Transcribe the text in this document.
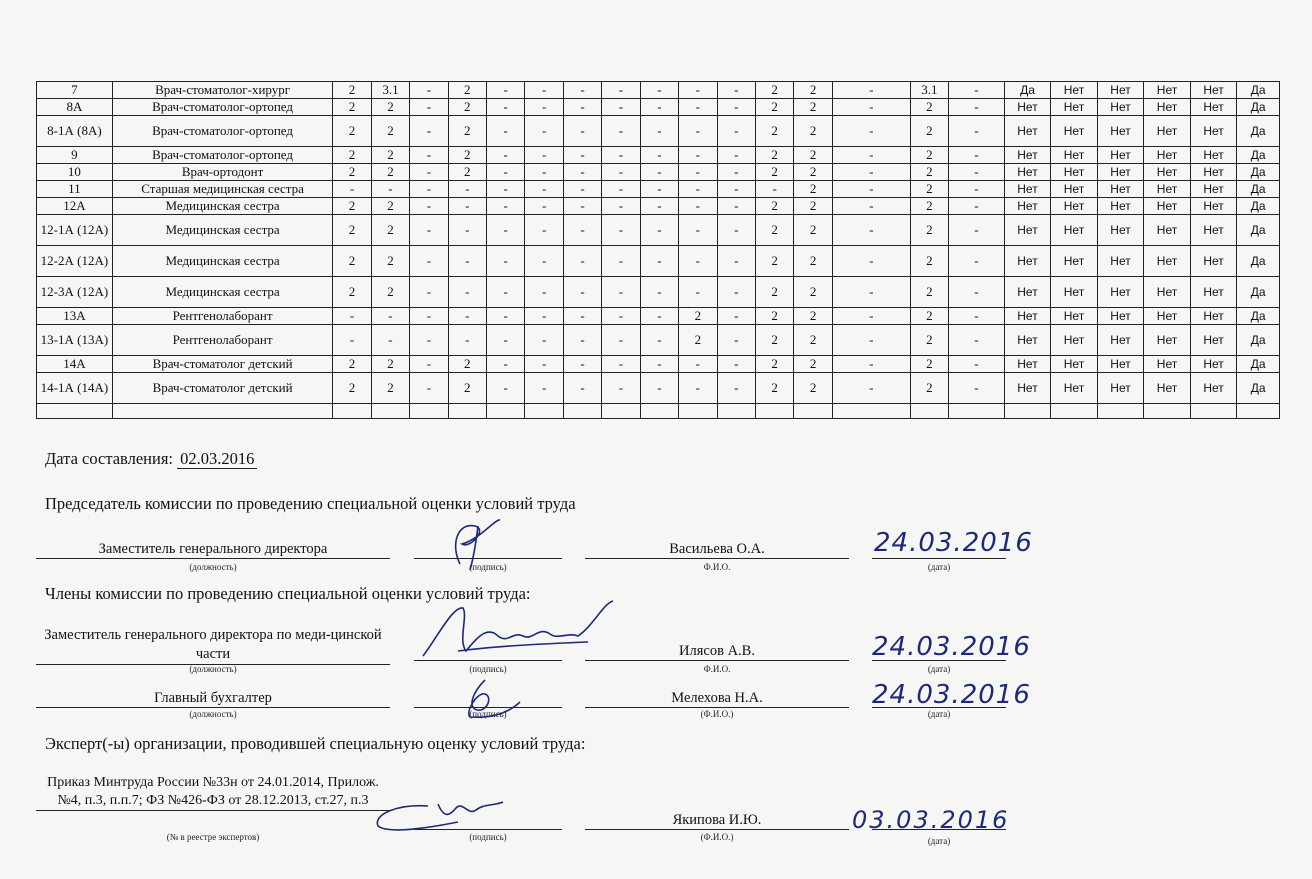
7	Врач-стоматолог-хирург	2	3.1	-	2	-	-	-	-	-	-	-	2	2	-	3.1	-	Да	Нет	Нет	Нет	Нет	Да
8А	Врач-стоматолог-ортопед	2	2	-	2	-	-	-	-	-	-	-	2	2	-	2	-	Нет	Нет	Нет	Нет	Нет	Да
8-1А (8А)	Врач-стоматолог-ортопед	2	2	-	2	-	-	-	-	-	-	-	2	2	-	2	-	Нет	Нет	Нет	Нет	Нет	Да
9	Врач-стоматолог-ортопед	2	2	-	2	-	-	-	-	-	-	-	2	2	-	2	-	Нет	Нет	Нет	Нет	Нет	Да
10	Врач-ортодонт	2	2	-	2	-	-	-	-	-	-	-	2	2	-	2	-	Нет	Нет	Нет	Нет	Нет	Да
11	Старшая медицинская сестра	-	-	-	-	-	-	-	-	-	-	-	-	2	-	2	-	Нет	Нет	Нет	Нет	Нет	Да
12А	Медицинская сестра	2	2	-	-	-	-	-	-	-	-	-	2	2	-	2	-	Нет	Нет	Нет	Нет	Нет	Да
12-1А (12А)	Медицинская сестра	2	2	-	-	-	-	-	-	-	-	-	2	2	-	2	-	Нет	Нет	Нет	Нет	Нет	Да
12-2А (12А)	Медицинская сестра	2	2	-	-	-	-	-	-	-	-	-	2	2	-	2	-	Нет	Нет	Нет	Нет	Нет	Да
12-3А (12А)	Медицинская сестра	2	2	-	-	-	-	-	-	-	-	-	2	2	-	2	-	Нет	Нет	Нет	Нет	Нет	Да
13А	Рентгенолаборант	-	-	-	-	-	-	-	-	-	2	-	2	2	-	2	-	Нет	Нет	Нет	Нет	Нет	Да
13-1А (13А)	Рентгенолаборант	-	-	-	-	-	-	-	-	-	2	-	2	2	-	2	-	Нет	Нет	Нет	Нет	Нет	Да
14А	Врач-стоматолог детский	2	2	-	2	-	-	-	-	-	-	-	2	2	-	2	-	Нет	Нет	Нет	Нет	Нет	Да
14-1А (14А)	Врач-стоматолог детский	2	2	-	2	-	-	-	-	-	-	-	2	2	-	2	-	Нет	Нет	Нет	Нет	Нет	Да

Дата составления: 02.03.2016
Председатель комиссии по проведению специальной оценки условий труда
Заместитель генерального директора
(должность)	(подпись)
Васильева О.А.
Ф.И.О.	(дата)
Члены комиссии по проведению специальной оценки условий труда:
Заместитель генерального директора по меди-цинской части
(должность)	(подпись)
Илясов А.В.
Ф.И.О.	(дата)
Главный бухгалтер
(должность)	(подпись)
Мелехова Н.А.
(Ф.И.О.)	(дата)
Эксперт(-ы) организации, проводившей специальную оценку условий труда:
Приказ Минтруда России №33н от 24.01.2014, Прилож.№4, п.3, п.п.7; ФЗ №426-ФЗ от 28.12.2013, ст.27, п.3
(№ в реестре экспертов)	(подпись)
Якипова И.Ю.
(Ф.И.О.)	(дата)
24.03.2016
24.03.2016
24.03.2016
03.03.2016
